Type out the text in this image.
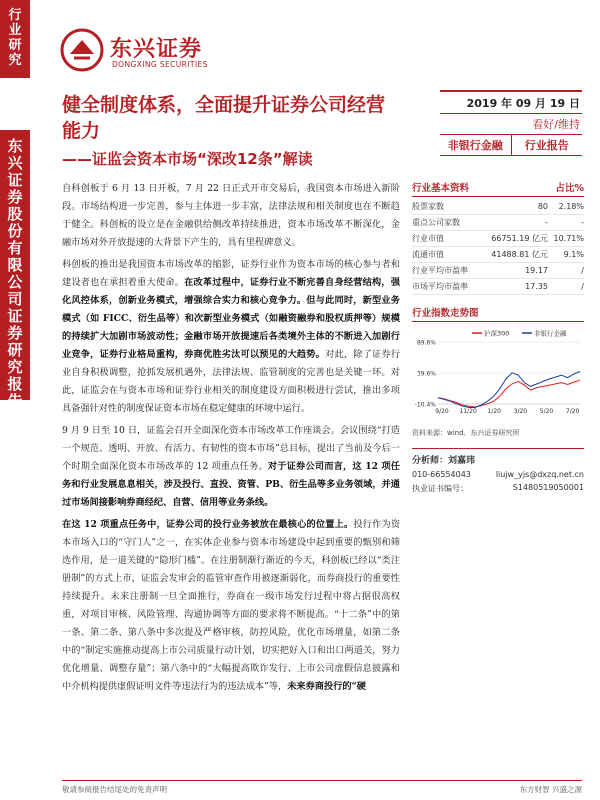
行
业
研
究
东
兴
证
券
股
份
有
限
公
司
证
券
研
究
报
告
东兴证券
DONGXING SECURITIES
健全制度体系，全面提升证券公司经营能力
——证监会资本市场“深改12条”解读
2019 年 09 月 19 日
看好/维持
非银行金融	行业报告
自科创板于 6 月 13 日开板，7 月 22 日正式开市交易后，我国资本市场进入新阶段。市场结构进一步完善，参与主体进一步丰富，法律法规和相关制度也在不断趋于健全。科创板的设立是在金融供给侧改革持续推进，资本市场改革不断深化，金融市场对外开放提速的大背景下产生的，具有里程碑意义。
科创板的推出是我国资本市场改革的缩影，证券行业作为资本市场的核心参与者和建设者也在承担着重大使命。在改革过程中，证券行业不断完善自身经营结构，强化风控体系，创新业务模式，增强综合实力和核心竞争力。但与此同时，新型业务模式（如 FICC、衍生品等）和次新型业务模式（如融资融券和股权质押等）规模的持续扩大加剧市场波动性；金融市场开放提速后各类境外主体的不断进入加剧行业竞争，证券行业格局重构，券商优胜劣汰可以预见的大趋势。对此，除了证券行业自身积极调整，抢抓发展机遇外，法律法规、监管制度的完善也是关键一环。对此，证监会在与资本市场和证券行业相关的制度建设方面积极进行尝试，推出多项具备强针对性的制度保证资本市场在稳定健康的环境中运行。
9 月 9 日至 10 日，证监会召开全面深化资本市场改革工作座谈会。会议围绕“打造一个规范、透明、开放、有活力、有韧性的资本市场”总目标，提出了当前及今后一个时期全面深化资本市场改革的 12 项重点任务。对于证券公司而言，这 12 项任务和行业发展息息相关，涉及投行、直投、资管、PB、衍生品等多业务领域，并通过市场间接影响券商经纪、自营、信用等业务条线。
在这 12 项重点任务中，证券公司的投行业务被放在最核心的位置上。投行作为资本市场入口的“守门人”之一，在实体企业参与资本市场建设中起到重要的甄别和筛选作用，是一道关键的“隐形门槛”。在注册制渐行渐近的今天，科创板已经以“类注册制”的方式上市，证监会发审会的监管审查作用被逐渐弱化，而券商投行的重要性持续提升。未来注册制一旦全面推行，券商在一级市场发行过程中将占据很高权重，对项目审核、风险管理、沟通协调等方面的要求将不断提高。“十二条”中的第一条、第二条、第八条中多次提及严格审核，防控风险，优化市场增量，如第二条中的“制定实施推动提高上市公司质量行动计划，切实把好入口和出口两道关，努力优化增量、调整存量”；第八条中的“大幅提高欺诈发行、上市公司虚假信息披露和中介机构提供虚假证明文件等违法行为的违法成本”等，未来券商投行的“硬
行业基本资料	占比%
股票家数	80	2.18%
重点公司家数	-	-
行业市值	66751.19 亿元	10.71%
流通市值	41488.81 亿元	9.1%
行业平均市盈率	19.17	/
市场平均市盈率	17.35	/
行业指数走势图
89.6%
39.6%
-10.4%
9/20 11/20 1/20 3/20 5/20 7/20
沪深300	非银行金融
资料来源：wind、东兴证券研究所
分析师：刘嘉玮
010-66554043	liujw_yjs@dxzq.net.cn
执业证书编号：	S1480519050001
敬请参阅报告结尾处的免责声明	东方财智 兴盛之源
